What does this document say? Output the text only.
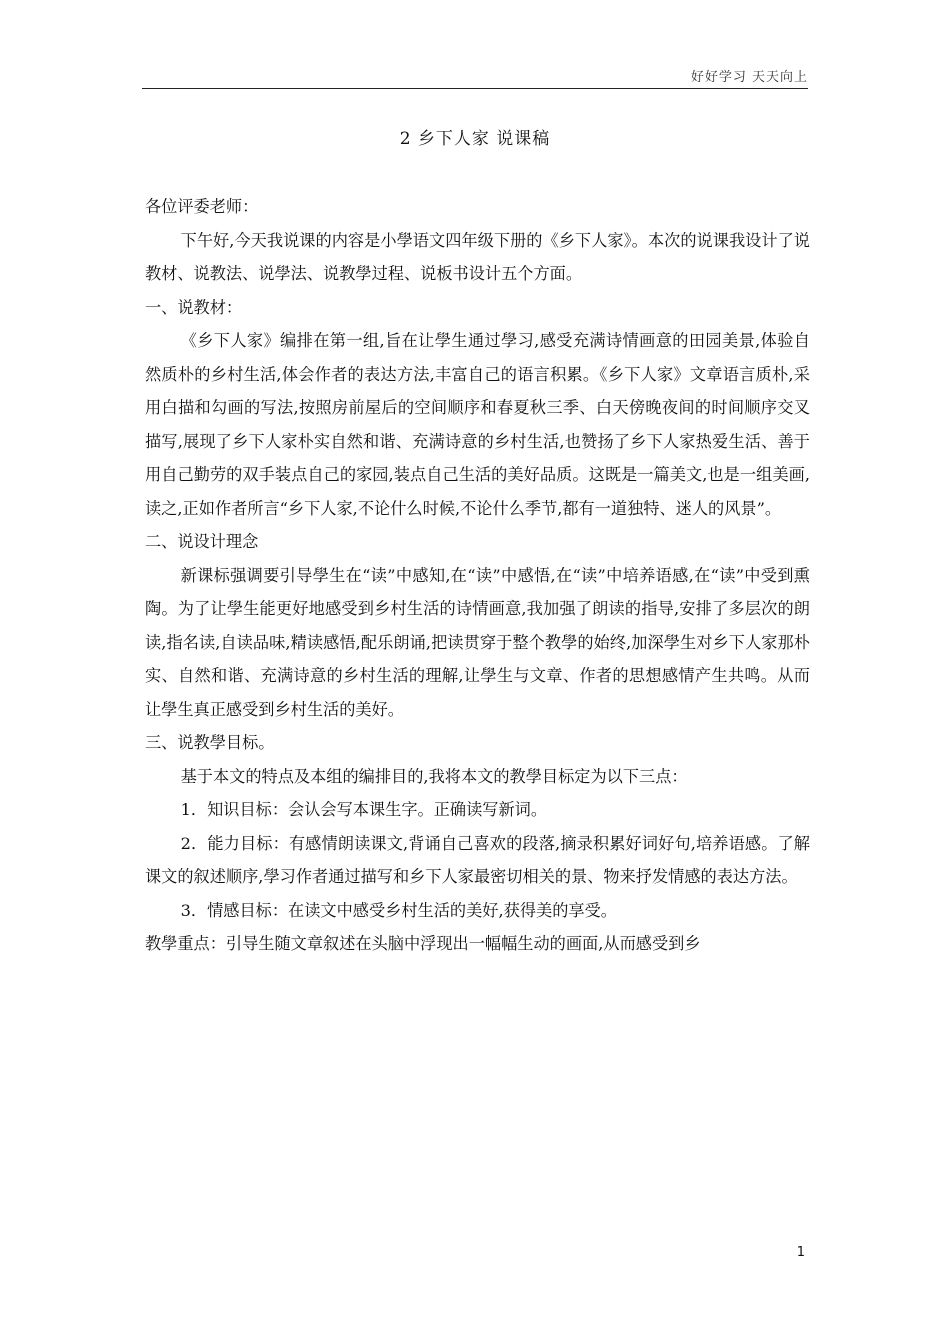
好好学习 天天向上
2 乡下人家 说课稿

各位评委老师：

下午好,今天我说课的内容是小學语文四年级下册的《乡下人家》。本次的说课我设计了说教材、说教法、说學法、说教學过程、说板书设计五个方面。

一、说教材：

《乡下人家》编排在第一组,旨在让學生通过學习,感受充满诗情画意的田园美景,体验自然质朴的乡村生活,体会作者的表达方法,丰富自己的语言积累。《乡下人家》文章语言质朴,采用白描和勾画的写法,按照房前屋后的空间顺序和春夏秋三季、白天傍晚夜间的时间顺序交叉描写,展现了乡下人家朴实自然和谐、充满诗意的乡村生活,也赞扬了乡下人家热爱生活、善于用自己勤劳的双手装点自己的家园,装点自己生活的美好品质。这既是一篇美文,也是一组美画,读之,正如作者所言“乡下人家,不论什么时候,不论什么季节,都有一道独特、迷人的风景”。

二、说设计理念

新课标强调要引导學生在“读”中感知,在“读”中感悟,在“读”中培养语感,在“读”中受到熏陶。为了让學生能更好地感受到乡村生活的诗情画意,我加强了朗读的指导,安排了多层次的朗读,指名读,自读品味,精读感悟,配乐朗诵,把读贯穿于整个教學的始终,加深學生对乡下人家那朴实、自然和谐、充满诗意的乡村生活的理解,让學生与文章、作者的思想感情产生共鸣。从而让學生真正感受到乡村生活的美好。

三、说教學目标。

基于本文的特点及本组的编排目的,我将本文的教學目标定为以下三点：

1．知识目标：会认会写本课生字。正确读写新词。

2．能力目标：有感情朗读课文,背诵自己喜欢的段落,摘录积累好词好句,培养语感。了解课文的叙述顺序,學习作者通过描写和乡下人家最密切相关的景、物来抒发情感的表达方法。

3．情感目标：在读文中感受乡村生活的美好,获得美的享受。

教學重点：引导生随文章叙述在头脑中浮现出一幅幅生动的画面,从而感受到乡

1
